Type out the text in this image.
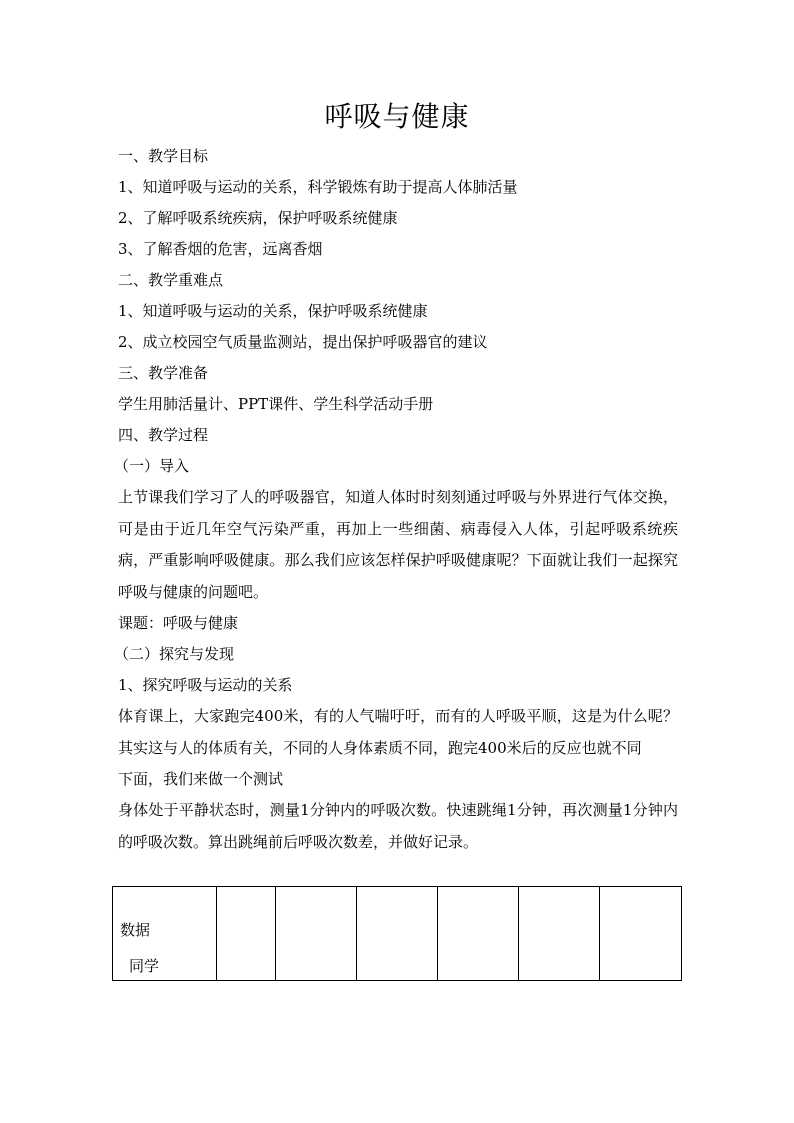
呼吸与健康

一、教学目标

1、知道呼吸与运动的关系，科学锻炼有助于提高人体肺活量

2、了解呼吸系统疾病，保护呼吸系统健康

3、了解香烟的危害，远离香烟

二、教学重难点

1、知道呼吸与运动的关系，保护呼吸系统健康

2、成立校园空气质量监测站，提出保护呼吸器官的建议

三、教学准备

学生用肺活量计、PPT课件、学生科学活动手册

四、教学过程

（一）导入

上节课我们学习了人的呼吸器官，知道人体时时刻刻通过呼吸与外界进行气体交换，可是由于近几年空气污染严重，再加上一些细菌、病毒侵入人体，引起呼吸系统疾病，严重影响呼吸健康。那么我们应该怎样保护呼吸健康呢？下面就让我们一起探究呼吸与健康的问题吧。

课题：呼吸与健康

（二）探究与发现

1、探究呼吸与运动的关系

体育课上，大家跑完400米，有的人气喘吁吁，而有的人呼吸平顺，这是为什么呢？其实这与人的体质有关，不同的人身体素质不同，跑完400米后的反应也就不同

下面，我们来做一个测试

身体处于平静状态时，测量1分钟内的呼吸次数。快速跳绳1分钟，再次测量1分钟内的呼吸次数。算出跳绳前后呼吸次数差，并做好记录。

数据
同学
